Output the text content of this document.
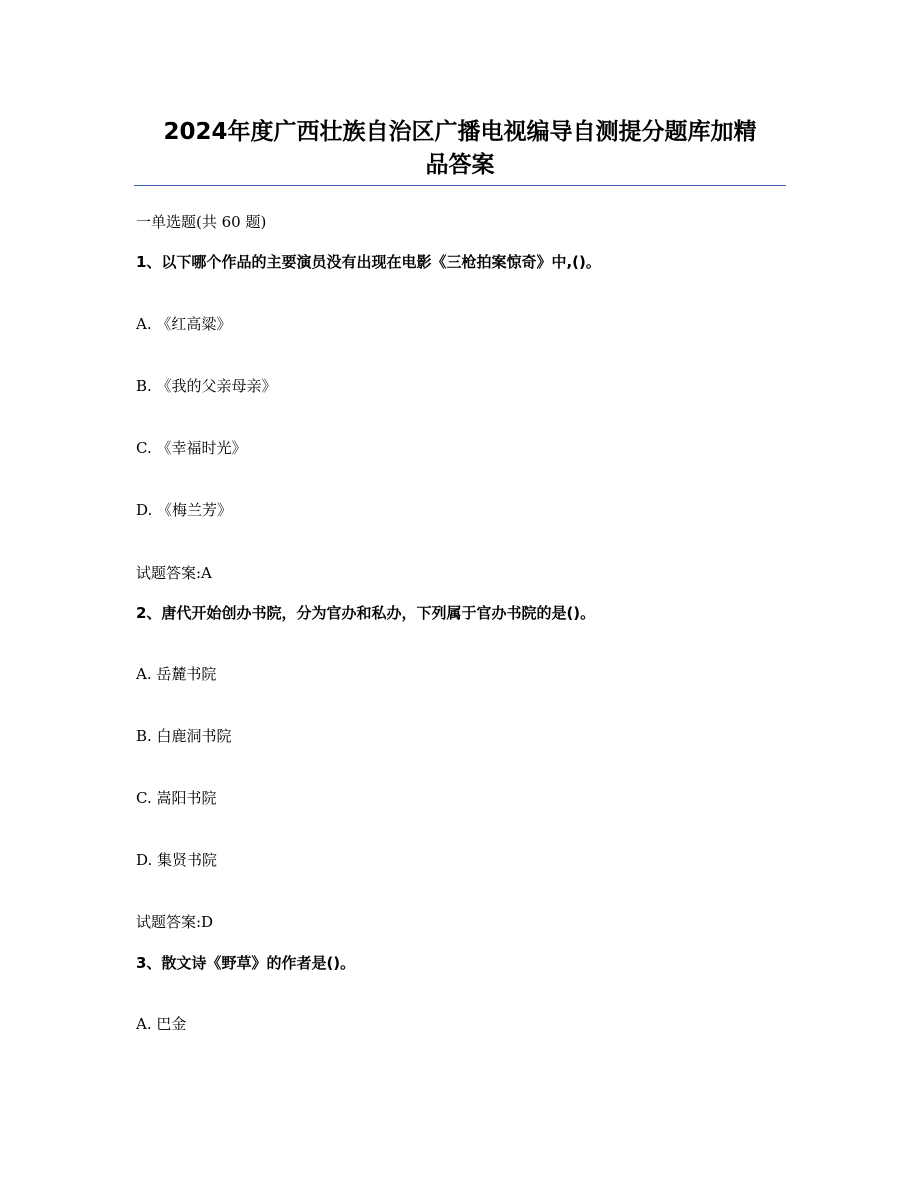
2024年度广西壮族自治区广播电视编导自测提分题库加精
品答案
一单选题(共 60 题)
1、以下哪个作品的主要演员没有出现在电影《三枪拍案惊奇》中,()。
A. 《红高粱》
B. 《我的父亲母亲》
C. 《幸福时光》
D. 《梅兰芳》
试题答案:A
2、唐代开始创办书院，分为官办和私办，下列属于官办书院的是()。
A. 岳麓书院
B. 白鹿洞书院
C. 嵩阳书院
D. 集贤书院
试题答案:D
3、散文诗《野草》的作者是()。
A. 巴金
